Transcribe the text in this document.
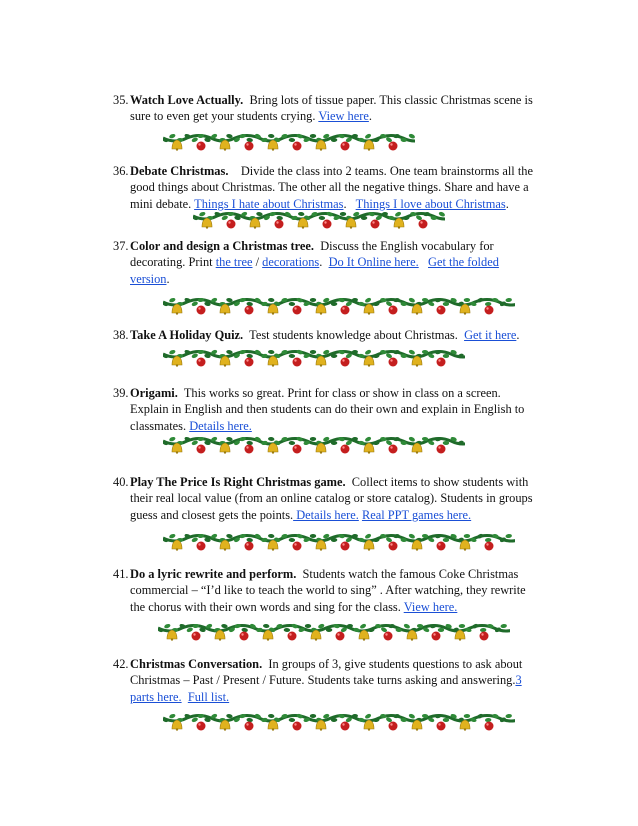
35. Watch Love Actually. Bring lots of tissue paper. This classic Christmas scene is
sure to even get your students crying. View here.
36. Debate Christmas. Divide the class into 2 teams. One team brainstorms all the
good things about Christmas. The other all the negative things. Share and have a
mini debate. Things I hate about Christmas.   Things I love about Christmas.
37. Color and design a Christmas tree. Discuss the English vocabulary for
decorating. Print the tree / decorations.  Do It Online here. Get the folded
version.
38. Take A Holiday Quiz. Test students knowledge about Christmas.  Get it here.
39. Origami. This works so great. Print for class or show in class on a screen.
Explain in English and then students can do their own and explain in English to
classmates. Details here.
40. Play The Price Is Right Christmas game. Collect items to show students with
their real local value (from an online catalog or store catalog). Students in groups
guess and closest gets the points. Details here. Real PPT games here.
41. Do a lyric rewrite and perform. Students watch the famous Coke Christmas
commercial – “I’d like to teach the world to sing” . After watching, they rewrite
the chorus with their own words and sing for the class. View here.
42. Christmas Conversation. In groups of 3, give students questions to ask about
Christmas – Past / Present / Future. Students take turns asking and answering.3
parts here. Full list.
